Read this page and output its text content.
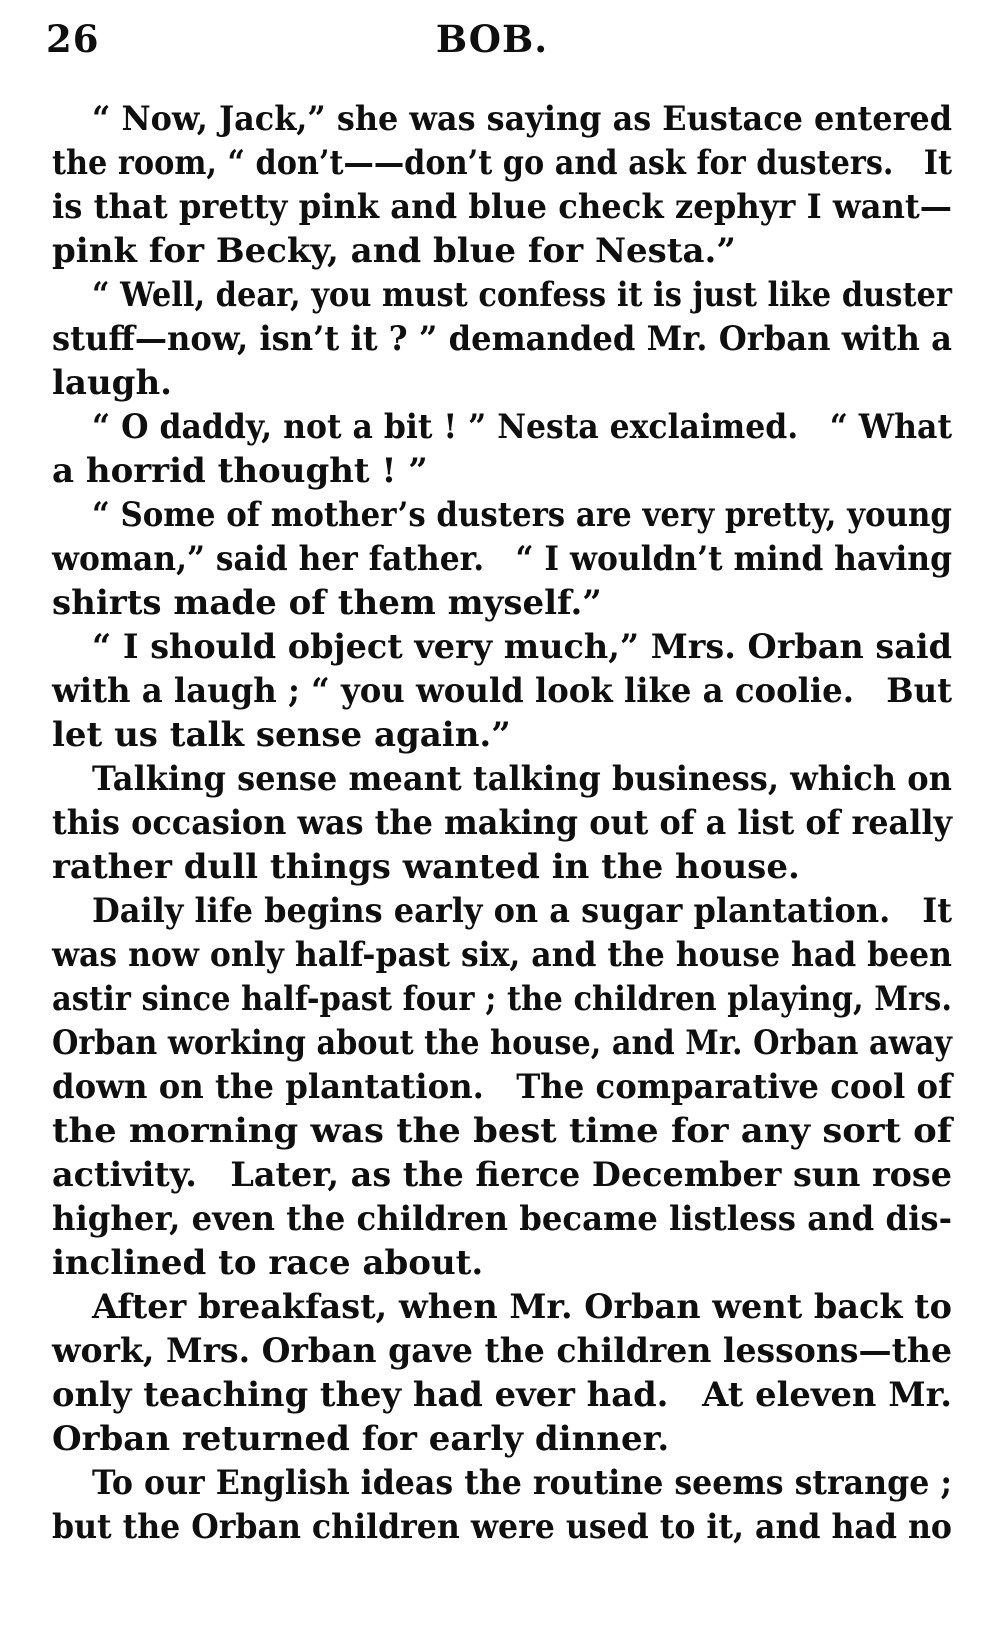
26	BOB.
“ Now, Jack,” she was saying as Eustace entered
the room, “ don’t——don’t go and ask for dusters. It
is that pretty pink and blue check zephyr I want—
pink for Becky, and blue for Nesta.”
“ Well, dear, you must confess it is just like duster
stuff—now, isn’t it ? ” demanded Mr. Orban with a
laugh.
“ O daddy, not a bit ! ” Nesta exclaimed. “ What
a horrid thought ! ”
“ Some of mother’s dusters are very pretty, young
woman,” said her father. “ I wouldn’t mind having
shirts made of them myself.”
“ I should object very much,” Mrs. Orban said
with a laugh ; “ you would look like a coolie. But
let us talk sense again.”
Talking sense meant talking business, which on
this occasion was the making out of a list of really
rather dull things wanted in the house.
Daily life begins early on a sugar plantation. It
was now only half-past six, and the house had been
astir since half-past four ; the children playing, Mrs.
Orban working about the house, and Mr. Orban away
down on the plantation. The comparative cool of
the morning was the best time for any sort of
activity. Later, as the fierce December sun rose
higher, even the children became listless and dis-
inclined to race about.
After breakfast, when Mr. Orban went back to
work, Mrs. Orban gave the children lessons—the
only teaching they had ever had. At eleven Mr.
Orban returned for early dinner.
To our English ideas the routine seems strange ;
but the Orban children were used to it, and had no
